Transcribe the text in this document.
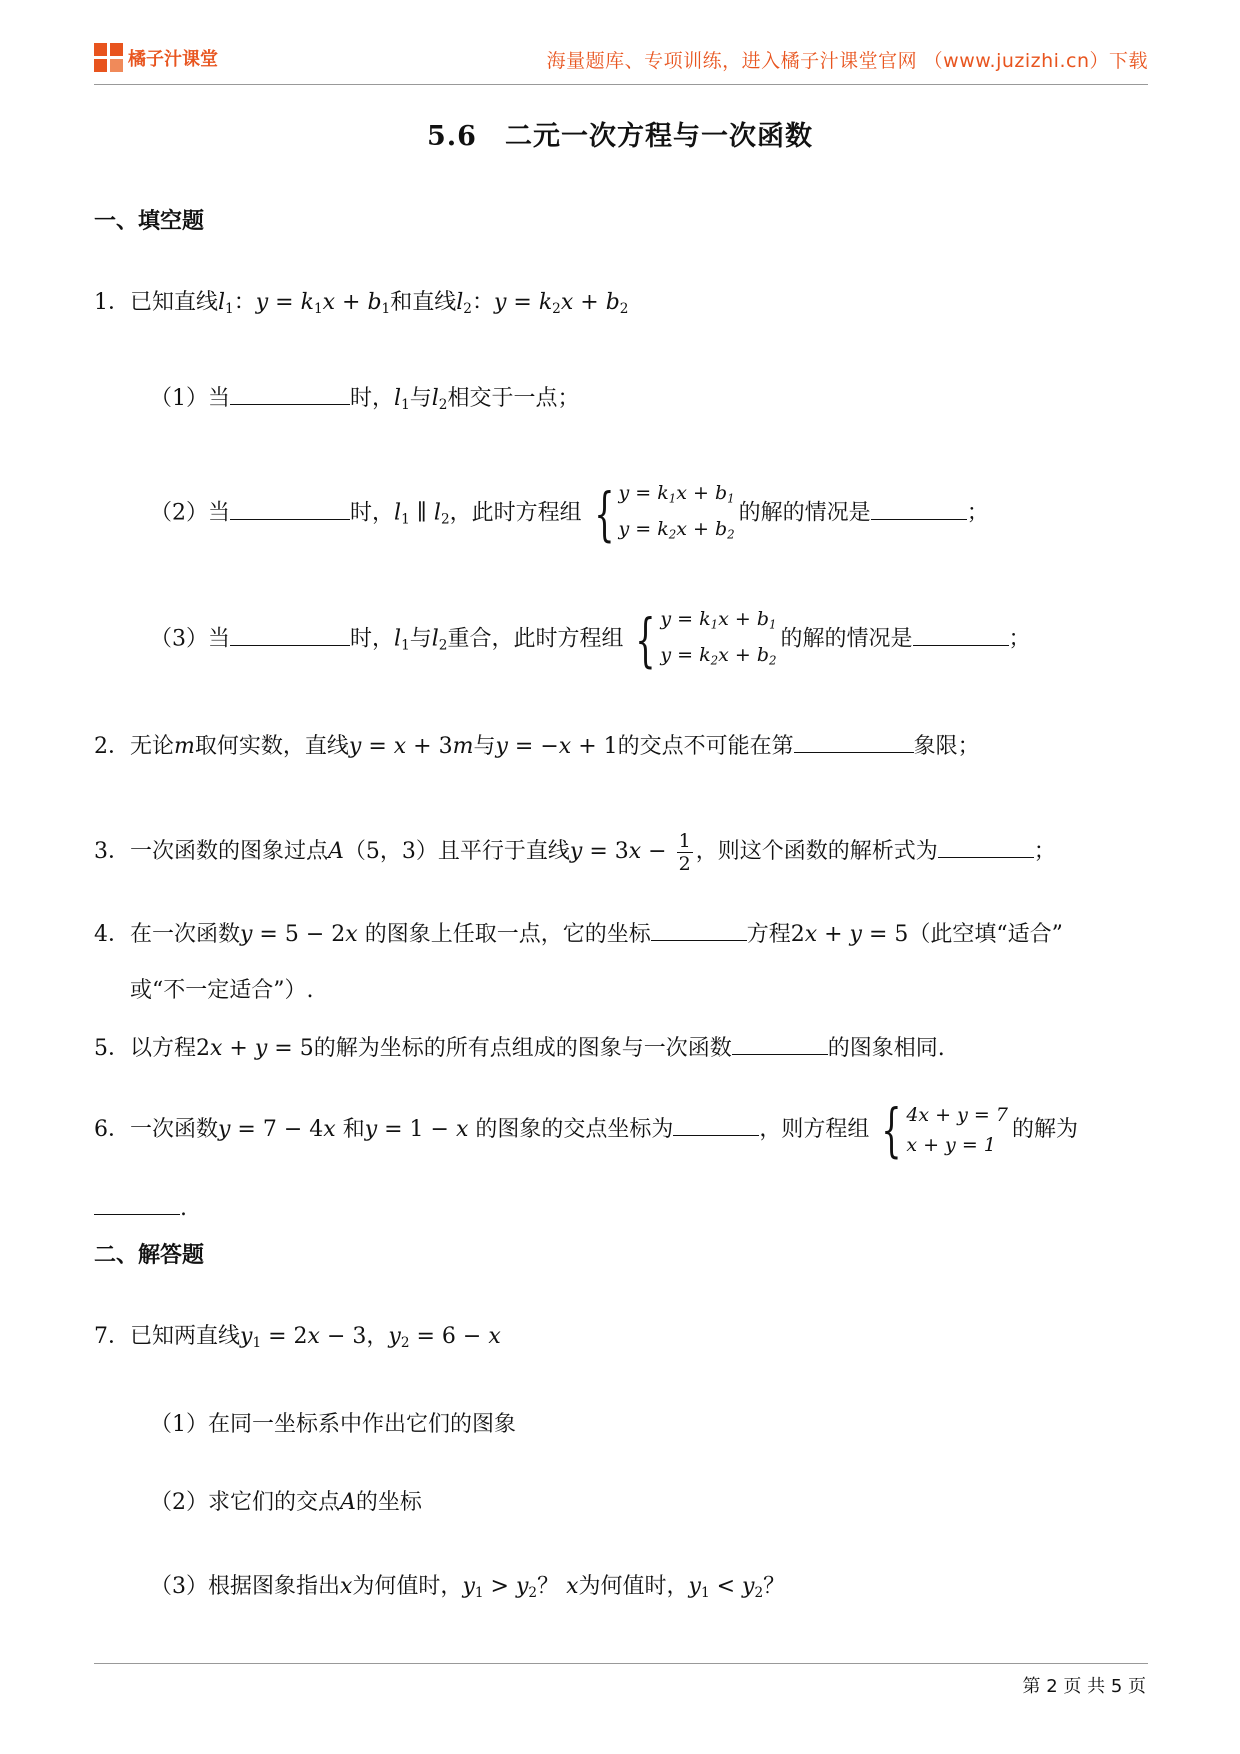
橘子汁课堂	海量题库、专项训练，进入橘子汁课堂官网 （www.juzizhi.cn）下载
5.6　二元一次方程与一次函数
一、填空题
1．已知直线$l_1$：$y = k_1x + b_1$和直线$l_2$：$y = k_2x + b_2$
（1）当	时，$l_1$与$l_2$相交于一点；
（2）当	时，$l_1$ ∥ $l_2$，此时方程组 { $y = k_1x + b_1$
$y = k_2x + b_2$
的解的情况是	；
（3）当	时，$l_1$与$l_2$重合，此时方程组 { $y = k_1x + b_1$
$y = k_2x + b_2$
的解的情况是	；
2．无论m取何实数，直线y = x + 3m与y = −x + 1的交点不可能在第	象限；
3．一次函数的图象过点A（5，3）且平行于直线$y = 3x - \frac{1}{2}$ ，则这个函数的解析式为	；
4．在一次函数y = 5 − 2x 的图象上任取一点，它的坐标	方程2x + y = 5（此空填“适合”
或“不一定适合”）.
5．以方程2x + y = 5的解为坐标的所有点组成的图象与一次函数	的图象相同.
6．一次函数y = 7 − 4x 和y = 1 − x 的图象的交点坐标为	，则方程组 { 4x + y = 7
x + y = 1
的解为
.
二、解答题
7．已知两直线$y_1 = 2x - 3$，$y_2 = 6 - x$
（1）在同一坐标系中作出它们的图象
（2）求它们的交点A的坐标
（3）根据图象指出x为何值时，$y_1 > y_2$？ x为何值时，$y_1 < y_2$？
第 2 页 共 5 页
